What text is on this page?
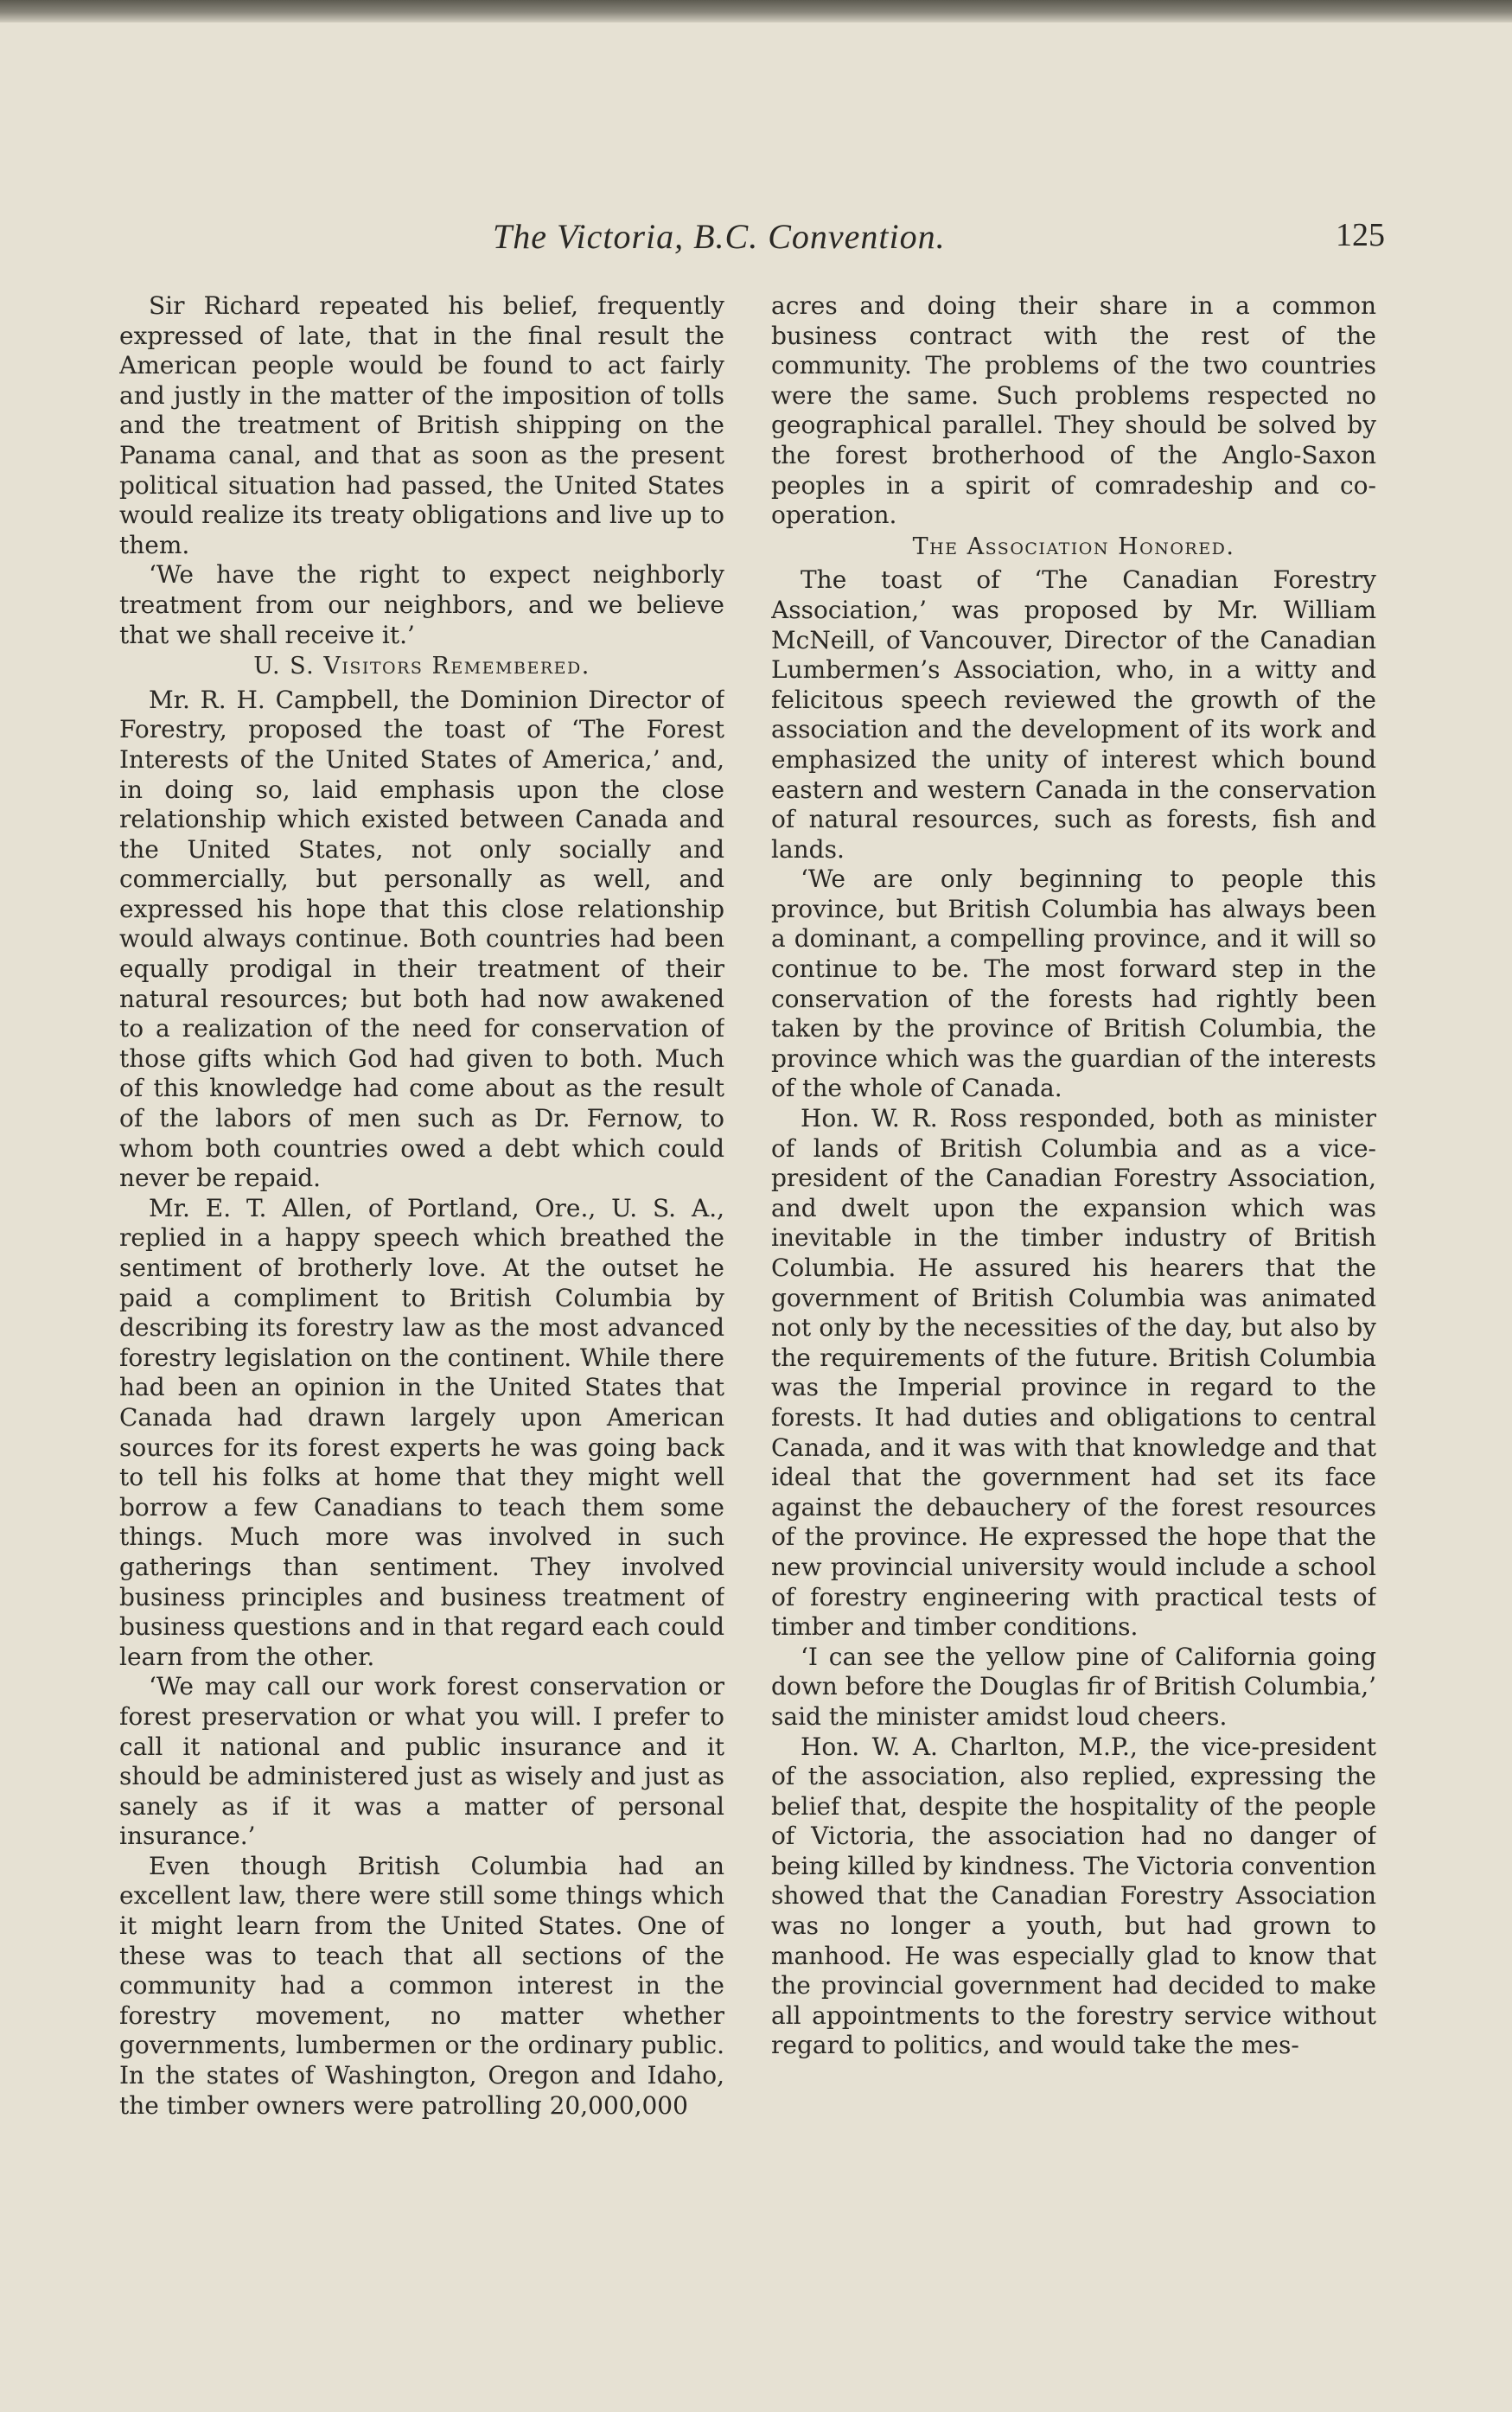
The Victoria, B.C. Convention.	125

Sir Richard repeated his belief, frequently expressed of late, that in the final result the American people would be found to act fairly and justly in the matter of the imposition of tolls and the treatment of British shipping on the Panama canal, and that as soon as the present political situation had passed, the United States would realize its treaty obligations and live up to them.

‘We have the right to expect neighborly treatment from our neighbors, and we believe that we shall receive it.’

U. S. Visitors Remembered.

Mr. R. H. Campbell, the Dominion Director of Forestry, proposed the toast of ‘The Forest Interests of the United States of America,’ and, in doing so, laid emphasis upon the close relationship which existed between Canada and the United States, not only socially and commercially, but personally as well, and expressed his hope that this close relationship would always continue. Both countries had been equally prodigal in their treatment of their natural resources; but both had now awakened to a realization of the need for conservation of those gifts which God had given to both. Much of this knowledge had come about as the result of the labors of men such as Dr. Fernow, to whom both countries owed a debt which could never be repaid.

Mr. E. T. Allen, of Portland, Ore., U. S. A., replied in a happy speech which breathed the sentiment of brotherly love. At the outset he paid a compliment to British Columbia by describing its forestry law as the most advanced forestry legislation on the continent. While there had been an opinion in the United States that Canada had drawn largely upon American sources for its forest experts he was going back to tell his folks at home that they might well borrow a few Canadians to teach them some things. Much more was involved in such gatherings than sentiment. They involved business principles and business treatment of business questions and in that regard each could learn from the other.

‘We may call our work forest conservation or forest preservation or what you will. I prefer to call it national and public insurance and it should be administered just as wisely and just as sanely as if it was a matter of personal insurance.’

Even though British Columbia had an excellent law, there were still some things which it might learn from the United States. One of these was to teach that all sections of the community had a common interest in the forestry movement, no matter whether governments, lumbermen or the ordinary public. In the states of Washington, Oregon and Idaho, the timber owners were patrolling 20,000,000

acres and doing their share in a common business contract with the rest of the community. The problems of the two countries were the same. Such problems respected no geographical parallel. They should be solved by the forest brotherhood of the Anglo-Saxon peoples in a spirit of comradeship and co-operation.

The Association Honored.

The toast of ‘The Canadian Forestry Association,’ was proposed by Mr. William McNeill, of Vancouver, Director of the Canadian Lumbermen’s Association, who, in a witty and felicitous speech reviewed the growth of the association and the development of its work and emphasized the unity of interest which bound eastern and western Canada in the conservation of natural resources, such as forests, fish and lands.

‘We are only beginning to people this province, but British Columbia has always been a dominant, a compelling province, and it will so continue to be. The most forward step in the conservation of the forests had rightly been taken by the province of British Columbia, the province which was the guardian of the interests of the whole of Canada.

Hon. W. R. Ross responded, both as minister of lands of British Columbia and as a vice-president of the Canadian Forestry Association, and dwelt upon the expansion which was inevitable in the timber industry of British Columbia. He assured his hearers that the government of British Columbia was animated not only by the necessities of the day, but also by the requirements of the future. British Columbia was the Imperial province in regard to the forests. It had duties and obligations to central Canada, and it was with that knowledge and that ideal that the government had set its face against the debauchery of the forest resources of the province. He expressed the hope that the new provincial university would include a school of forestry engineering with practical tests of timber and timber conditions.

‘I can see the yellow pine of California going down before the Douglas fir of British Columbia,’ said the minister amidst loud cheers.

Hon. W. A. Charlton, M.P., the vice-president of the association, also replied, expressing the belief that, despite the hospitality of the people of Victoria, the association had no danger of being killed by kindness. The Victoria convention showed that the Canadian Forestry Association was no longer a youth, but had grown to manhood. He was especially glad to know that the provincial government had decided to make all appointments to the forestry service without regard to politics, and would take the mes-
